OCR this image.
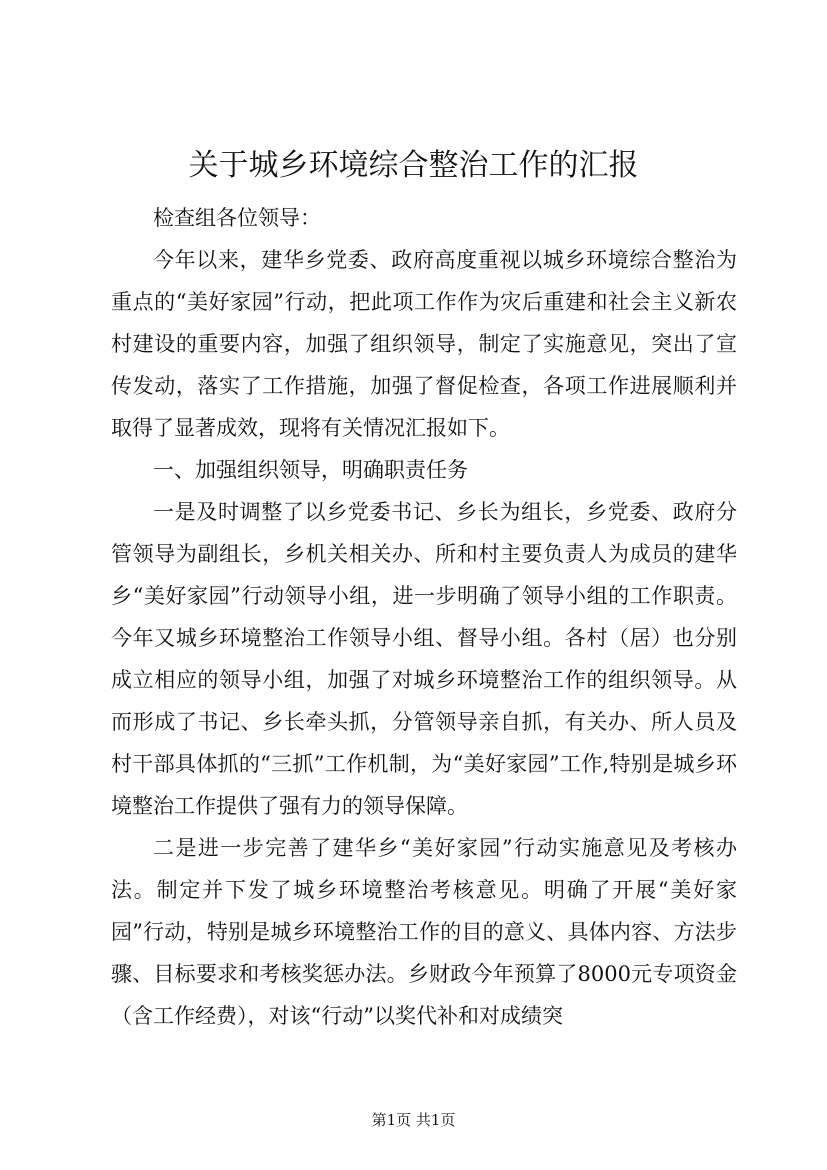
关于城乡环境综合整治工作的汇报

检查组各位领导：

今年以来，建华乡党委、政府高度重视以城乡环境综合整治为重点的“美好家园”行动，把此项工作作为灾后重建和社会主义新农村建设的重要内容，加强了组织领导，制定了实施意见，突出了宣传发动，落实了工作措施，加强了督促检查，各项工作进展顺利并取得了显著成效，现将有关情况汇报如下。

一、加强组织领导，明确职责任务

一是及时调整了以乡党委书记、乡长为组长，乡党委、政府分管领导为副组长，乡机关相关办、所和村主要负责人为成员的建华乡“美好家园”行动领导小组，进一步明确了领导小组的工作职责。今年又城乡环境整治工作领导小组、督导小组。各村（居）也分别成立相应的领导小组，加强了对城乡环境整治工作的组织领导。从而形成了书记、乡长牵头抓，分管领导亲自抓，有关办、所人员及村干部具体抓的“三抓”工作机制，为“美好家园”工作,特别是城乡环境整治工作提供了强有力的领导保障。

二是进一步完善了建华乡“美好家园”行动实施意见及考核办法。制定并下发了城乡环境整治考核意见。明确了开展“美好家园”行动，特别是城乡环境整治工作的目的意义、具体内容、方法步骤、目标要求和考核奖惩办法。乡财政今年预算了8000元专项资金（含工作经费），对该“行动”以奖代补和对成绩突

第1页 共1页
